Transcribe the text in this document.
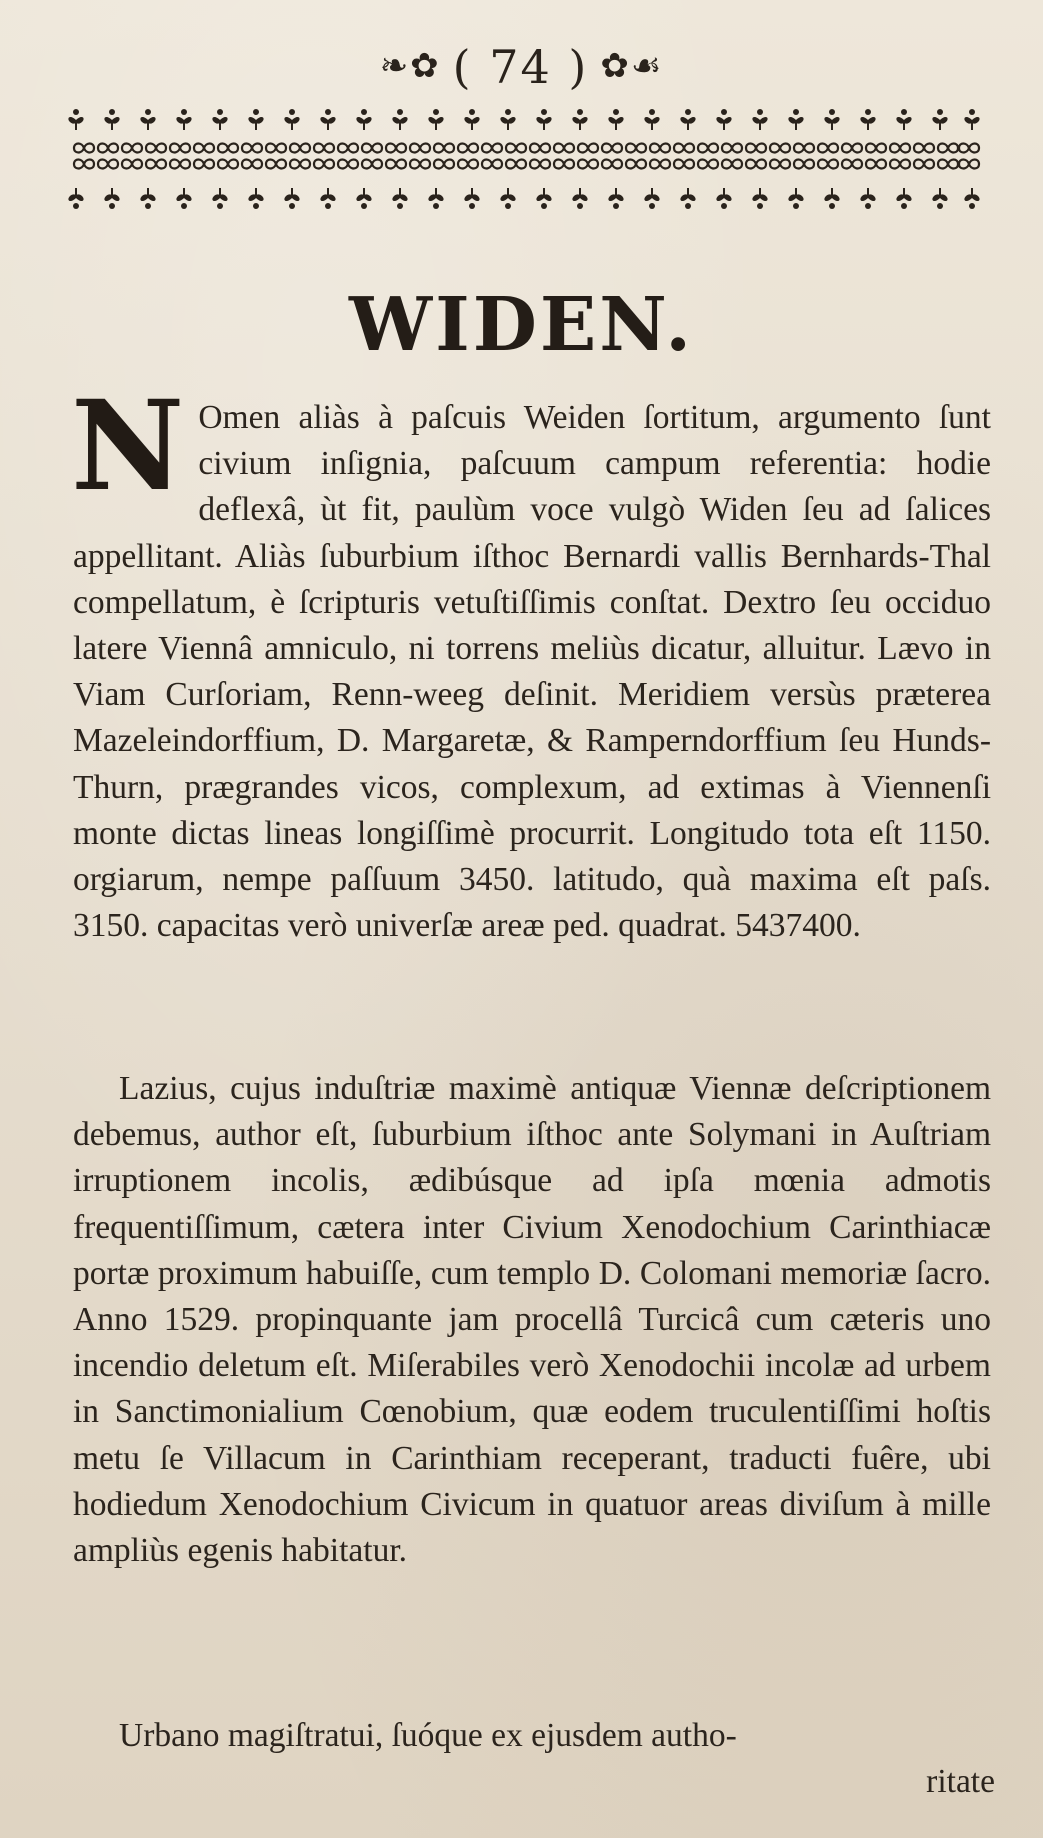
❧✿ ( 74 ) ✿☙
WIDEN.
N Omen aliàs à paſcuis Weiden ſortitum, argumento ſunt civium inſignia, paſcuum campum referentia: hodie deflexâ, ùt fit, paulùm voce vulgò Widen ſeu ad ſalices appellitant. Aliàs ſuburbium iſthoc Bernardi vallis Bernhards-Thal compellatum, è ſcripturis vetuſtiſſimis conſtat. Dextro ſeu occiduo latere Viennâ amniculo, ni torrens meliùs dicatur, alluitur. Lævo in Viam Curſoriam, Renn-weeg deſinit. Meridiem versùs præterea Mazeleindorffium, D. Margaretæ, & Ramperndorffium ſeu Hunds-Thurn, prægrandes vicos, complexum, ad extimas à Viennenſi monte dictas lineas longiſſimè procurrit. Longitudo tota eſt 1150. orgiarum, nempe paſſuum 3450. latitudo, quà maxima eſt paſs. 3150. capacitas verò univerſæ areæ ped. quadrat. 5437400.
Lazius, cujus induſtriæ maximè antiquæ Viennæ deſcriptionem debemus, author eſt, ſuburbium iſthoc ante Solymani in Auſtriam irruptionem incolis, ædibúsque ad ipſa mœnia admotis frequentiſſimum, cætera inter Civium Xenodochium Carinthiacæ portæ proximum habuiſſe, cum templo D. Colomani memoriæ ſacro. Anno 1529. propinquante jam procellâ Turcicâ cum cæteris uno incendio deletum eſt. Miſerabiles verò Xenodochii incolæ ad urbem in Sanctimonialium Cœnobium, quæ eodem truculentiſſimi hoſtis metu ſe Villacum in Carinthiam receperant, traducti fuêre, ubi hodiedum Xenodochium Civicum in quatuor areas diviſum à mille ampliùs egenis habitatur.
Urbano magiſtratui, ſuóque ex ejusdem autho-
ritate
